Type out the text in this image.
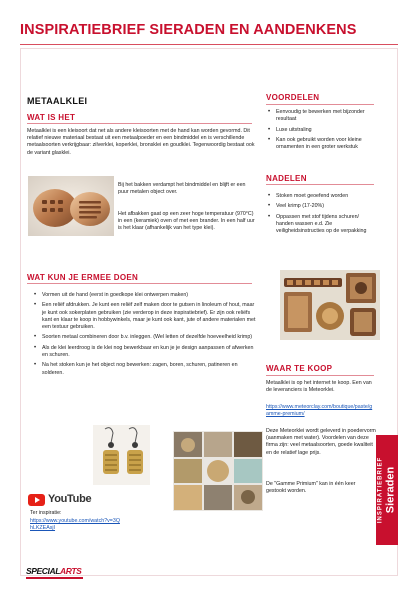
INSPIRATIEBRIEF SIERADEN EN AANDENKENS
METAALKLEI
WAT IS HET
Metaalklei is een kleisoort dat net als andere kleisoorten met de hand kan worden gevormd. Dit relatief nieuwe materiaal bestaat uit een metaalpoeder en een bindmiddel en is verschillende metaalsoorten verkrijgbaar: zilverklei, koperklei, bronsklei en goudklei. Tegenwoordig bestaat ook de variant glasklei.
Bij het bakken verdampt het bindmiddel en blijft er een puur metalen object over.
Het afbakken gaat op een zeer hoge temperatuur (970°C) in een (keramiek) oven of met een brander. In een half uur is het klaar (afhankelijk van het type klei).
WAT KUN JE ERMEE DOEN
• Vormen uit de hand (eerst in goedkope klei ontwerpen maken)
• Een reliëf afdrukken. Je kunt een reliëf zelf maken door te gutsen in linoleum of hout, maar je kunt ook sokerplaten gebruiken (zie verderop in deze inspiratiebrief). Er zijn ook reliëfs kant en klaar te koop in hobbywinkels, maar je kunt ook kant, jute of andere materialen met een textuur gebruiken.
• Soorten metaal combineren door b.v. inleggen. (Wel letten of dezelfde hoeveelheid krimp)
• Als de klei leerdroog is de klei nog bewerkbaar en kun je je design aanpassen of afwerken en schuren.
• Na het stoken kun je het object nog bewerken: zagen, boren, schuren, patineren en solderen.
YouTube
Ter inspiratie:
https://www.youtube.com/watch?v=3QhLKZEAsjI
VOORDELEN
• Eenvoudig te bewerken met bijzonder resultaat
• Luxe uitstraling
• Kan ook gebruikt worden voor kleine ornamenten in een groter werkstuk
NADELEN
• Stoken moet geoefend worden
• Veel krimp (17-20%)
• Oppassen met stof tijdens schuren/ handen wassen e.d. Zie veiligheidsinstructies op de verpakking
WAAR TE KOOP
Metaalklei is op het internet te koop. Een van de leveranciers is Meteorklei.
https://www.meteorclay.com/boutique/paste/gamme-premium/
Deze Meteorklei wordt geleverd in poedervorm (aanmaken met water). Voordelen van deze firma zijn: veel metaalsoorten, goede kwaliteit en de relatief lage prijs.
De "Gamme Primium" kan in één keer gestookt worden.	INSPIRATIEBRIEF Sieraden
SPECIALARTS
